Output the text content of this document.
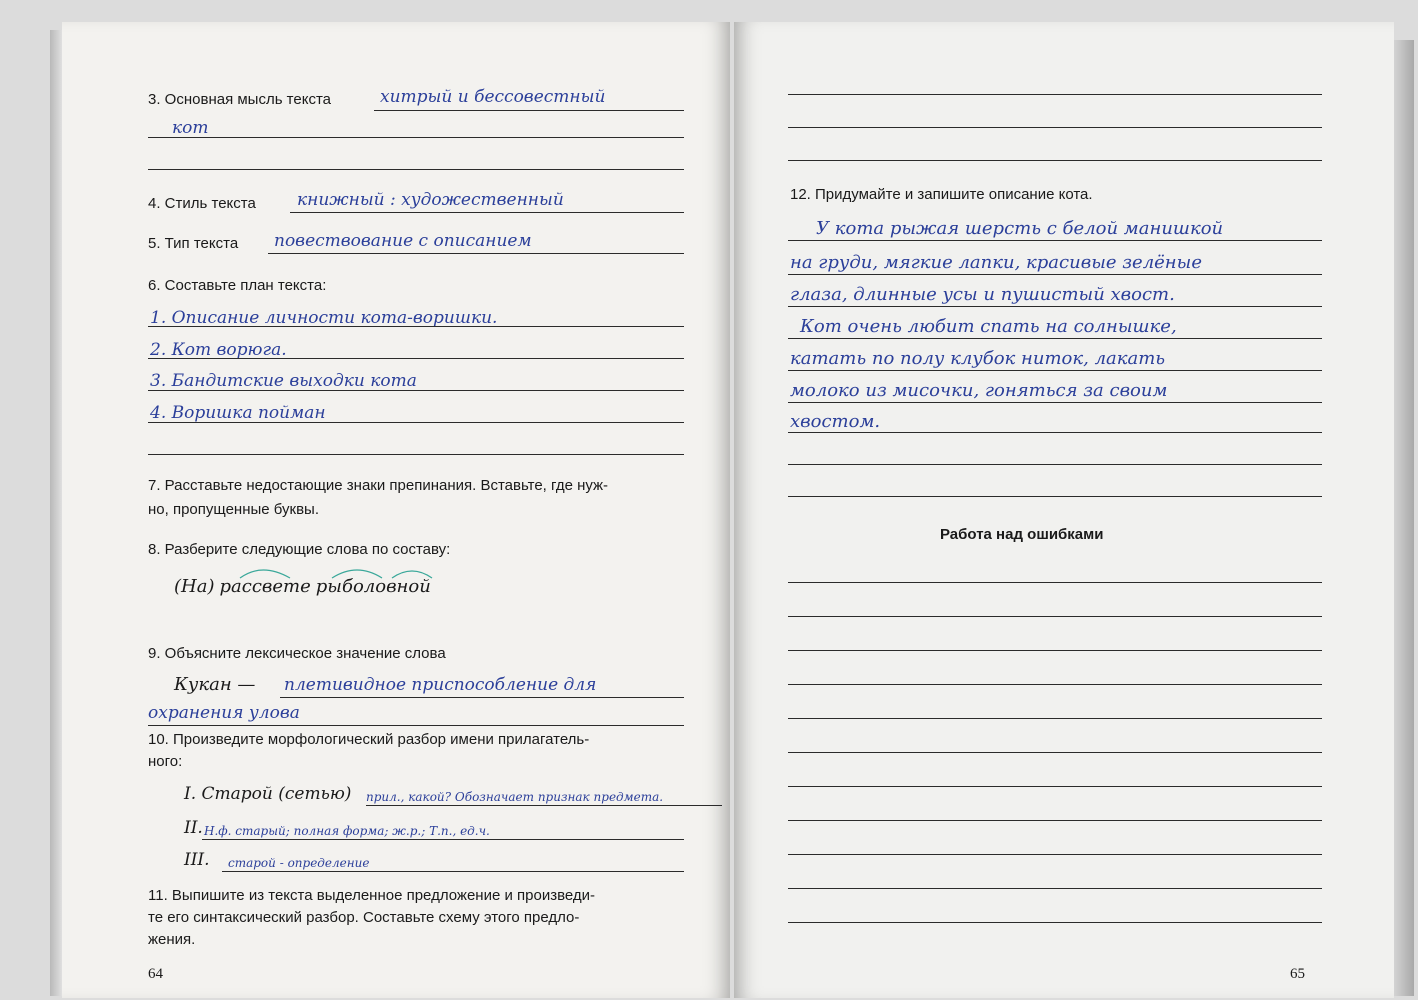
3. Основная мысль текста	хитрый и бессовестный
кот
4. Стиль текста книжный : художественный
5. Тип текста повествование с описанием
6. Составьте план текста:
1. Описание личности кота-воришки.
2. Кот ворюга.
3. Бандитские выходки кота
4. Воришка пойман
7. Расставьте недостающие знаки препинания. Вставьте, где нуж-
но, пропущенные буквы.
8. Разберите следующие слова по составу:
(На) рассвете рыболовной
9. Объясните лексическое значение слова
Кукан — плетивидное приспособление для
охранения улова
10. Произведите морфологический разбор имени прилагатель-
ного:
I. Старой (сетью) прил., какой? Обозначает признак предмета.
II. Н.ф. старый; полная форма; ж.р.; Т.п., ед.ч.
III. старой - определение
11. Выпишите из текста выделенное предложение и произведи-
те его синтаксический разбор. Составьте схему этого предло-
жения.
64
12. Придумайте и запишите описание кота.
У кота рыжая шерсть с белой манишкой
на груди, мягкие лапки, красивые зелёные
глаза, длинные усы и пушистый хвост.
Кот очень любит спать на солнышке,
катать по полу клубок ниток, лакать
молоко из мисочки, гоняться за своим
хвостом.
Работа над ошибками
65
